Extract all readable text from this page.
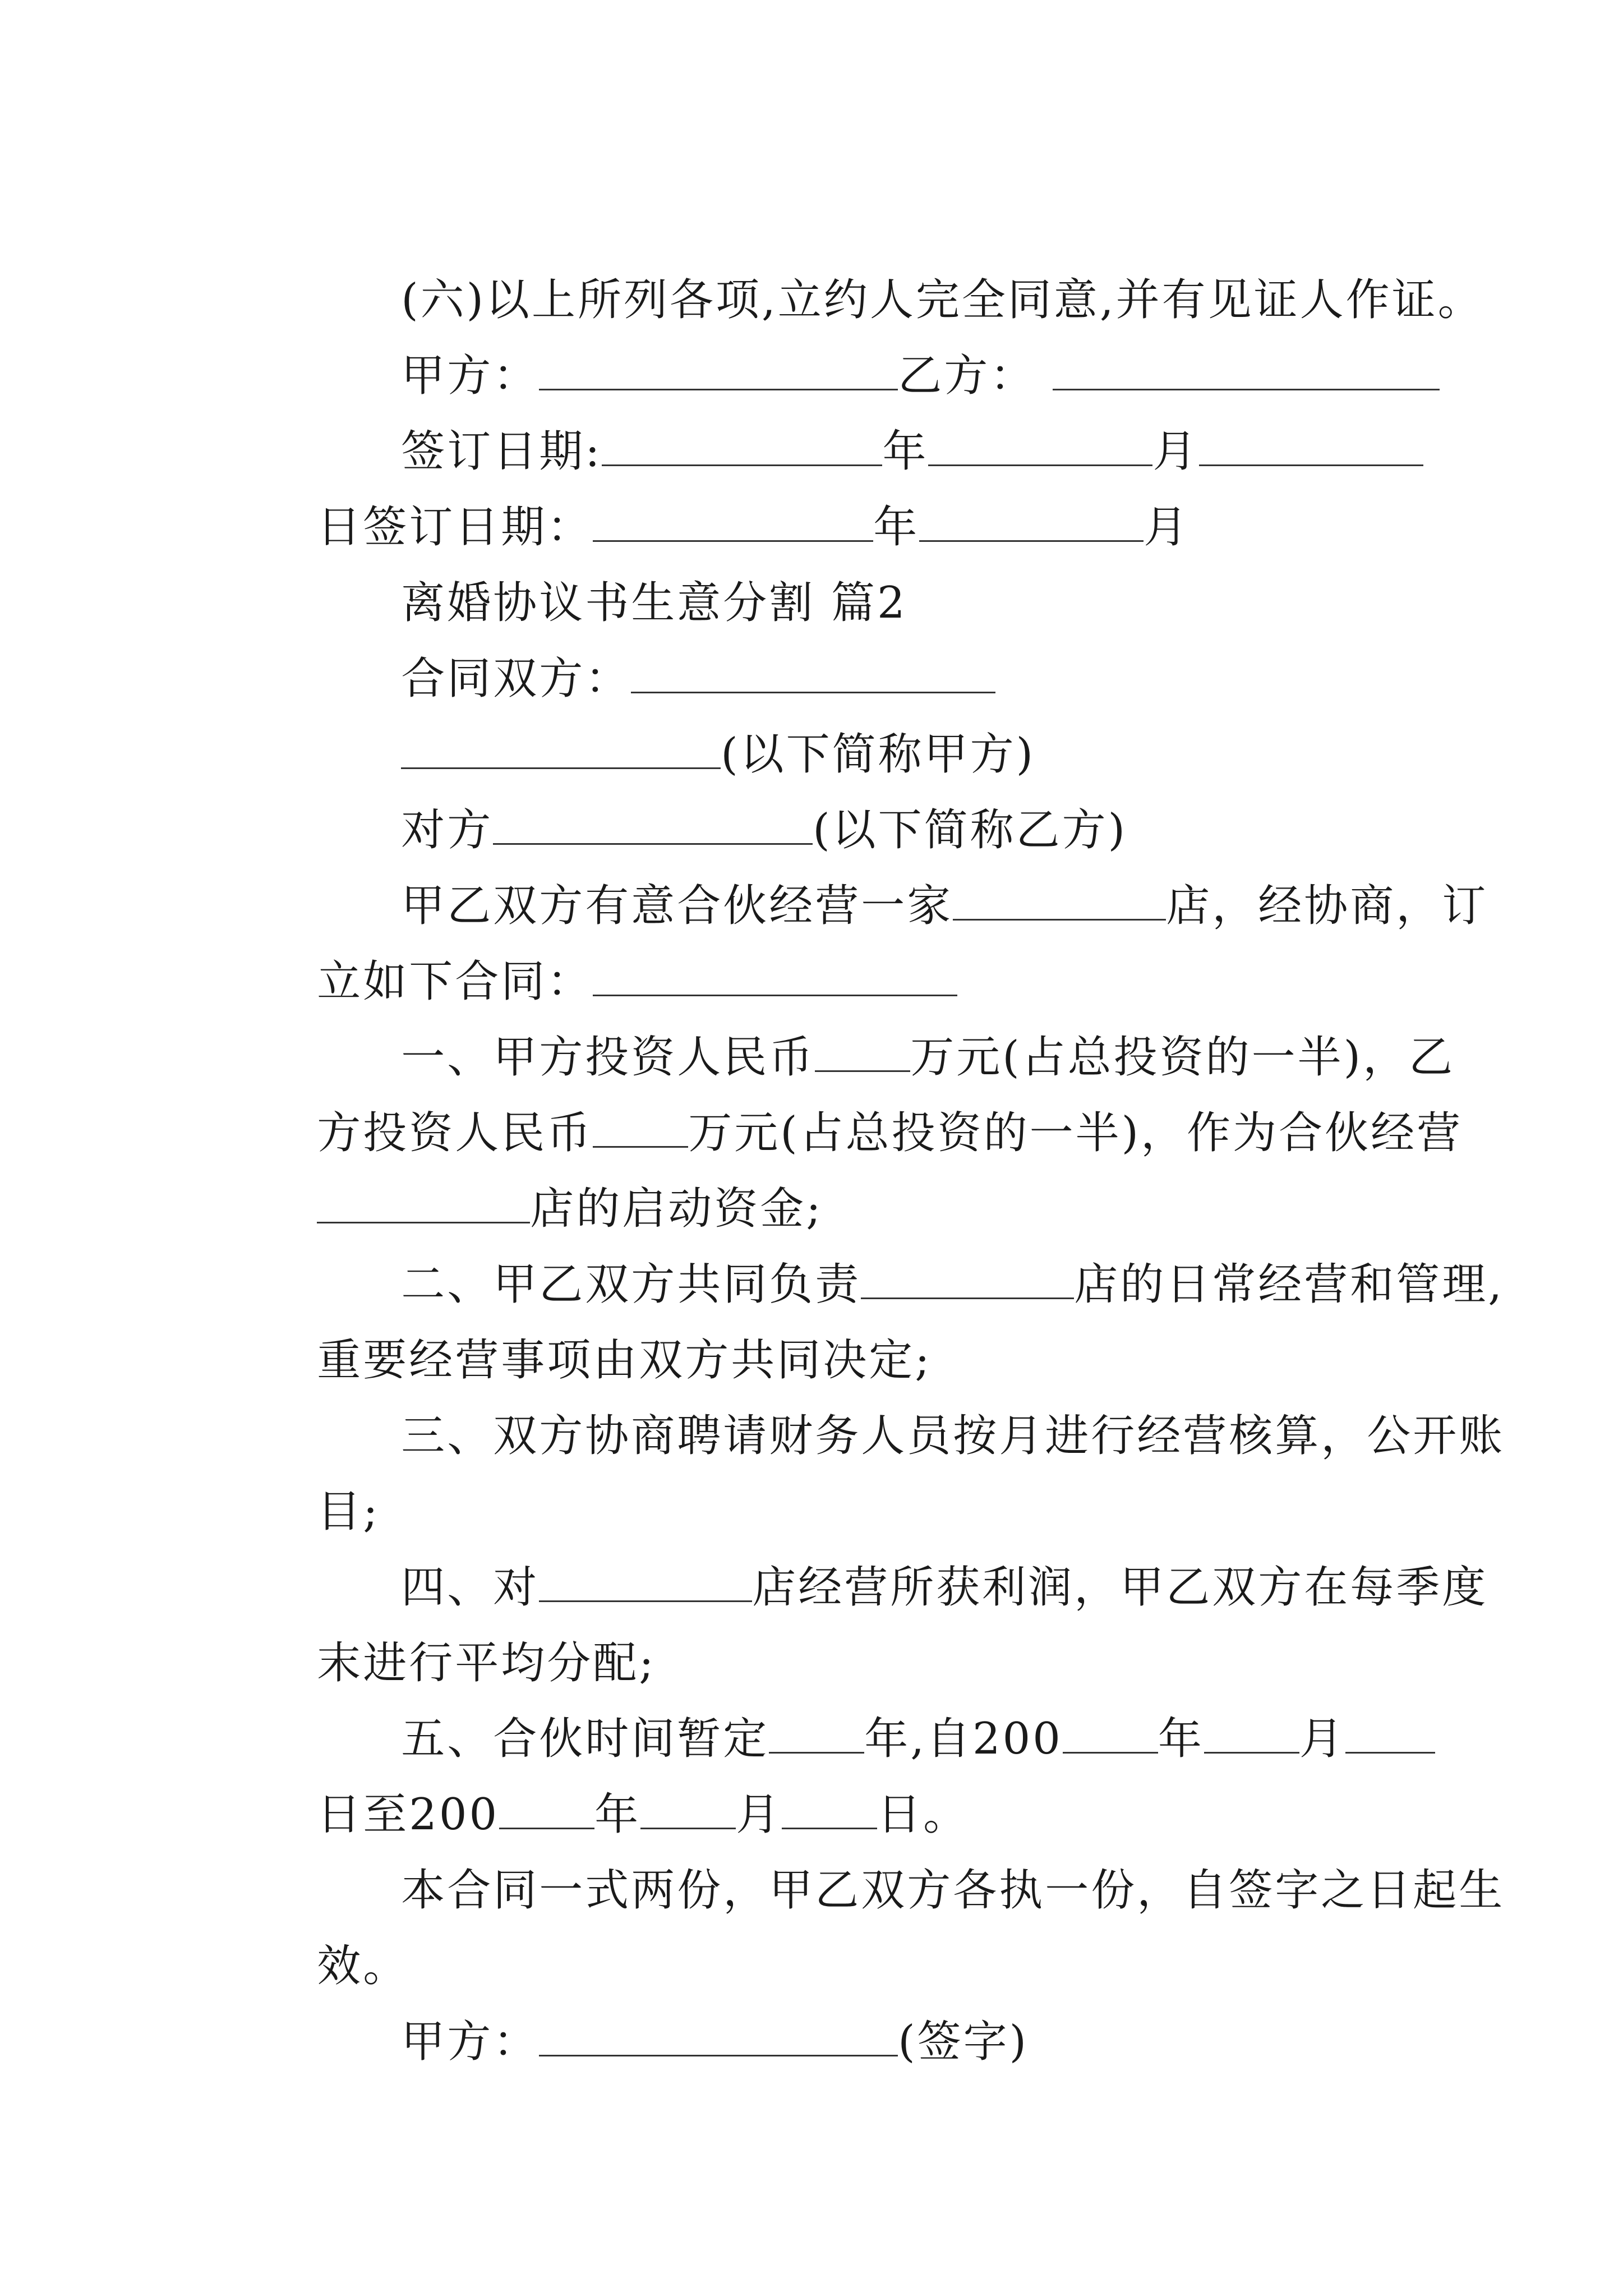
(六)以上所列各项,立约人完全同意,并有见证人作证。

甲方：	乙方：

签订日期:	年	月

日签订日期：	年	月

离婚协议书生意分割 篇2

合同双方：

(以下简称甲方)

对方	(以下简称乙方)

甲乙双方有意合伙经营一家	店，经协商，订

立如下合同：

一、甲方投资人民币 万元(占总投资的一半)，乙

方投资人民币 万元(占总投资的一半)，作为合伙经营

店的启动资金;

二、甲乙双方共同负责	店的日常经营和管理,

重要经营事项由双方共同决定;

三、双方协商聘请财务人员按月进行经营核算，公开账

目;

四、对	店经营所获利润，甲乙双方在每季度

末进行平均分配;

五、合伙时间暂定 年,自200 年 月

日至200 年 月 日。

本合同一式两份，甲乙双方各执一份，自签字之日起生

效。

甲方：	(签字)
